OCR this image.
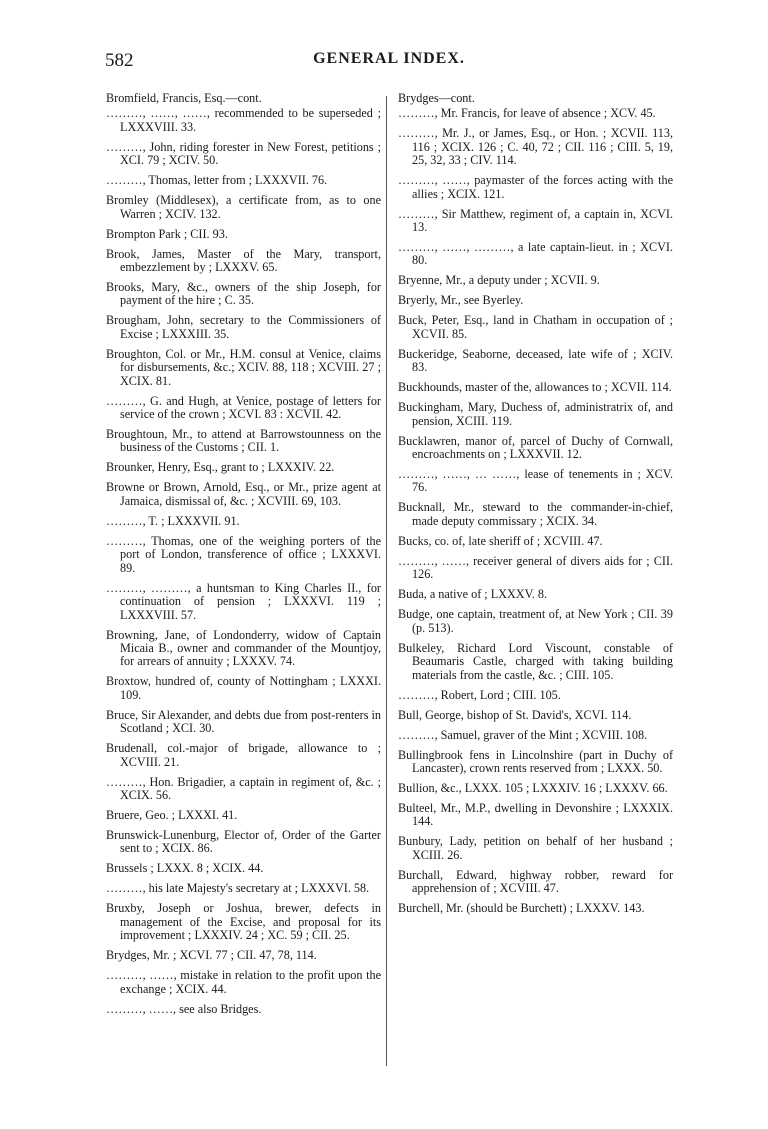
582	GENERAL INDEX.

Bromfield, Francis, Esq.—cont.

………, ……, ……, recommended to be superseded ; LXXXVIII. 33.

………, John, riding forester in New Forest, petitions ; XCI. 79 ; XCIV. 50.

………, Thomas, letter from ; LXXXVII. 76.

Bromley (Middlesex), a certificate from, as to one Warren ; XCIV. 132.

Brompton Park ; CII. 93.

Brook, James, Master of the Mary, transport, embezzlement by ; LXXXV. 65.

Brooks, Mary, &c., owners of the ship Joseph, for payment of the hire ; C. 35.

Brougham, John, secretary to the Commissioners of Excise ; LXXXIII. 35.

Broughton, Col. or Mr., H.M. consul at Venice, claims for disbursements, &c.; XCIV. 88, 118 ; XCVIII. 27 ; XCIX. 81.

………, G. and Hugh, at Venice, postage of letters for service of the crown ; XCVI. 83 : XCVII. 42.

Broughtoun, Mr., to attend at Barrowstounness on the business of the Customs ; CII. 1.

Brounker, Henry, Esq., grant to ; LXXXIV. 22.

Browne or Brown, Arnold, Esq., or Mr., prize agent at Jamaica, dismissal of, &c. ; XCVIII. 69, 103.

………, T. ; LXXXVII. 91.

………, Thomas, one of the weighing porters of the port of London, transference of office ; LXXXVI. 89.

………, ………, a huntsman to King Charles II., for continuation of pension ; LXXXVI. 119 ; LXXXVIII. 57.

Browning, Jane, of Londonderry, widow of Captain Micaia B., owner and commander of the Mountjoy, for arrears of annuity ; LXXXV. 74.

Broxtow, hundred of, county of Nottingham ; LXXXI. 109.

Bruce, Sir Alexander, and debts due from post-renters in Scotland ; XCI. 30.

Brudenall, col.-major of brigade, allowance to ; XCVIII. 21.

………, Hon. Brigadier, a captain in regiment of, &c. ; XCIX. 56.

Bruere, Geo. ; LXXXI. 41.

Brunswick-Lunenburg, Elector of, Order of the Garter sent to ; XCIX. 86.

Brussels ; LXXX. 8 ; XCIX. 44.

………, his late Majesty's secretary at ; LXXXVI. 58.

Bruxby, Joseph or Joshua, brewer, defects in management of the Excise, and proposal for its improvement ; LXXXIV. 24 ; XC. 59 ; CII. 25.

Brydges, Mr. ; XCVI. 77 ; CII. 47, 78, 114.

………, ……, mistake in relation to the profit upon the exchange ; XCIX. 44.

………, ……, see also Bridges.

Brydges—cont.

………, Mr. Francis, for leave of absence ; XCV. 45.

………, Mr. J., or James, Esq., or Hon. ; XCVII. 113, 116 ; XCIX. 126 ; C. 40, 72 ; CII. 116 ; CIII. 5, 19, 25, 32, 33 ; CIV. 114.

………, ……, paymaster of the forces acting with the allies ; XCIX. 121.

………, Sir Matthew, regiment of, a captain in, XCVI. 13.

………, ……, ………, a late captain-lieut. in ; XCVI. 80.

Bryenne, Mr., a deputy under ; XCVII. 9.

Bryerly, Mr., see Byerley.

Buck, Peter, Esq., land in Chatham in occupation of ; XCVII. 85.

Buckeridge, Seaborne, deceased, late wife of ; XCIV. 83.

Buckhounds, master of the, allowances to ; XCVII. 114.

Buckingham, Mary, Duchess of, administratrix of, and pension, XCIII. 119.

Bucklawren, manor of, parcel of Duchy of Cornwall, encroachments on ; LXXXVII. 12.

………, ……, … ……, lease of tenements in ; XCV. 76.

Bucknall, Mr., steward to the commander-in-chief, made deputy commissary ; XCIX. 34.

Bucks, co. of, late sheriff of ; XCVIII. 47.

………, ……, receiver general of divers aids for ; CII. 126.

Buda, a native of ; LXXXV. 8.

Budge, one captain, treatment of, at New York ; CII. 39 (p. 513).

Bulkeley, Richard Lord Viscount, constable of Beaumaris Castle, charged with taking building materials from the castle, &c. ; CIII. 105.

………, Robert, Lord ; CIII. 105.

Bull, George, bishop of St. David's, XCVI. 114.

………, Samuel, graver of the Mint ; XCVIII. 108.

Bullingbrook fens in Lincolnshire (part in Duchy of Lancaster), crown rents reserved from ; LXXX. 50.

Bullion, &c., LXXX. 105 ; LXXXIV. 16 ; LXXXV. 66.

Bulteel, Mr., M.P., dwelling in Devonshire ; LXXXIX. 144.

Bunbury, Lady, petition on behalf of her husband ; XCIII. 26.

Burchall, Edward, highway robber, reward for apprehension of ; XCVIII. 47.

Burchell, Mr. (should be Burchett) ; LXXXV. 143.
